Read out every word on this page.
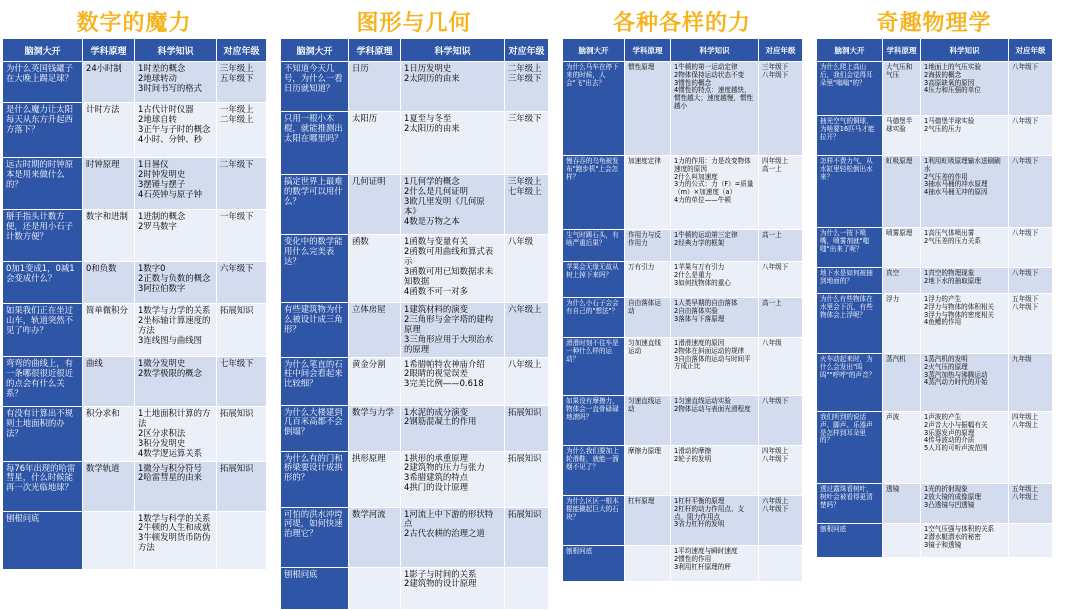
数字的魔力
脑洞大开	学科原理	科学知识	对应年级
为什么英国钱罐子在大晚上踢足球？	24小时制	1时差的概念
2地球转动
3时间书写的格式	三年级上
五年级下
是什么魔力让太阳每天从东方升起西方落下？	计时方法	1古代计时仪器
2地球自转
3正午与子时的概念
4小时、分钟、秒	一年级上
二年级上
远古时期的时钟原本是用来做什么的？	时钟原理	1日晷仪
2时钟发明史
3摆锤与摆子
4石英钟与原子钟	二年级下
掰手指头计数方便，还是用小石子计数方便？	数字和进制	1进制的概念
2罗马数字	一年级下
0加1变成1，0减1会变成什么？	0和负数	1数字0
2正数与负数的概念
3阿拉伯数字	六年级下
如果我们正在坐过山车，轨道突然不见了咋办？	简单微积分	1数学与力学的关系
2坐标轴计算速度的方法
3连线图与曲线图	拓展知识
弯弯的曲线上，有一条哪很很近很近的点会有什么关系？	曲线	1微分发明史
2数学极限的概念	七年级下
有没有计算出不规则土地面积的办法？	积分求和	1土地面积计算的方法
2区分求积法
3积分发明史
4数学逻运算关系	拓展知识
每76年出现的哈雷彗星，什么时候能再一次光临地球？	数学轨道	1微分与积分符号
2哈雷彗星的由来	拓展知识
刨根问底		1数学与科学的关系
2牛顿的人生和成就
3牛顿发明货币防伪方法	
图形与几何
脑洞大开	学科原理	科学知识	对应年级
不知道今天几号，为什么一看日历就知道？	日历	1日历发明史
2太阴历的由来	二年级上
三年级下
只用一根小木棍，就能推测出太阳在哪里吗？	太阳历	1夏至与冬至
2太阳历的由来	三年级下
搞定世界上最难的数学可以用什么？	几何证明	1几何学的概念
2什么是几何证明
3欧几里发明《几何原本》
4数是万物之本	三年级上
七年级上
变化中的数学能用什么完美表达？	函数	1函数与变量有关
2函数可用曲线和算式表示
3函数可用已知数据求未知数据
4函数不可一对多	八年级
有些建筑物为什么被设计成三角形？	立体房屋	1建筑材料的演变
2三角形与金字塔的建构原理
3三角形应用于大坝治水的原理	六年级上
为什么笔直的石柱中间会看起来比较细？	黄金分割	1希腊帕特农神庙介绍
2眼睛的视觉误差
3完美比例——0.618	八年级上
为什么大楼建到几百米高都不会倒塌？	数学与力学	1水泥的成分演变
2钢筋混凝土的作用	拓展知识
为什么有的门和桥梁要设计成拱形的？	拱形原理	1拱形的承重原理
2建筑物的压力与张力
3希腊建筑的特点
4拱门的设计原理	拓展知识
可怕的洪水冲垮河堤，如何快速治理它？	数学河流	1河流上中下游的形状特点
2古代农耕的治理之道	拓展知识
刨根问底		1影子与时间的关系
2建筑物的设计原理	
各种各样的力
脑洞大开	学科原理	科学知识	对应年级
为什么马车在停下来的时候，人会"飞"出去？	惯性原理	1牛顿的第一运动定律
2物体保持运动状态不变
3惯性的概念
4惯性的特点：速度越快，惯性越大；速度越慢，惯性越小	三年级下
八年级下
慢吞吞的乌龟被发布"跑步机"上会怎样？	加速度定律	1力的作用：力是改变物体速度的原因
2什么叫加速度
3力的公式：力（F）=质量（m）×加速度（a）
4力的单位——牛顿	四年级上
高一上
生气时踢石头，有啥严重后果？	作用力与反作用力	1牛顿的运动第三定律
2经典力学的框架	高一上
苹果会无缘无故从树上掉下来吗？	万有引力	1苹果与万有引力
2什么是重力
3如何找物体的重心	八年级下
为什么小石子会会有自己的"想法"？	自由落体运动	1人类早期的自由落体
2自由落体实验
3落体与下落原理	高一上
滑滑时刻不往车是一种什么样的运动？	匀加速直线运动	1滑滑速度的原因
2物体在斜面运动的规律
3自由落体的运动与时间平方成正比	八年级
如果没有摩擦力，物体会一直骨碌碌地滚吗？	匀速直线运动	1匀速直线运动实验
2物体运动与表面光滑程度	八年级下
为什么我们要加上轮滑鞋，就能一溜烟不见了？	摩擦力原理	1滑动的摩擦
2轮子的发明	四年级上
八年级下
为什么区区一根木棍能撬起巨大的石块？	杠杆原理	1杠杆平衡的原理
2杠杆的动力作用点、支点、阻力作用点
3省力杠杆的发明	六年级上
八年级下
刨根问底		1平均速度与瞬时速度
2惯性的作用
3利用杠杆原理的秤	
奇趣物理学
脑洞大开	学科原理	科学知识	对应年级
为什么爬上高山后，我们会觉得耳朵里"嗡嗡"的？	大气压和气压	1地面上的气压实验
2海拔的概念
3高原缺氧的原因
4压力和压强的单位	八年级下
抽光空气的铜球，为啥要16匹马才能拉开？	马德堡半球实验	1马德堡半球实验
2气压的压力	八年级下
怎样不费力气，从水缸里轻松倒出水来？	虹吸原理	1利用虹吸原理输水送刷刷水
2气压差的作用
3抽水马桶的冲水原理
4抽水马桶无冲的原因	八年级下
为什么一按下喷嘴，喷雾剂就"嗤嗤"出来了呢？	喷雾原理	1高压气体喷出雾
2气压差的压力关系	八年级下
地下水是如何被抽到地面的？	真空	1真空的物理现象
2地下水的抽取原理	八年级下
为什么有些物体在水里会下沉，有些物体会上浮呢？	浮力	1浮力的产生
2浮力与物体的体积相关
3浮力与物体的密度相关
4鱼鳔的作用	五年级下
八年级下
火车动起来时，为什么会发出"呜呜""呼呼"的声音？	蒸汽机	1蒸汽机的发明
2火气压的原理
3蒸汽加热与沸腾运动
4蒸汽动力时代的开始	九年级
我们听到的说话声、脚声、乐器声是怎样到耳朵里的？	声波	1声波的产生
2声音大小与振幅有关
3乐器发声的原理
4传导波动的介质
5人耳的可听声波范围	四年级上
八年级上
透过露珠看树叶，树叶会被看得更清楚吗？	透镜	1光的折射现象
2放大镜的成像原理
3凸透镜与凹透镜	五年级上
八年级上
刨根问底		1空气压强与体积的关系
2潜水艇潜水的秘密
3镜子和透镜	
